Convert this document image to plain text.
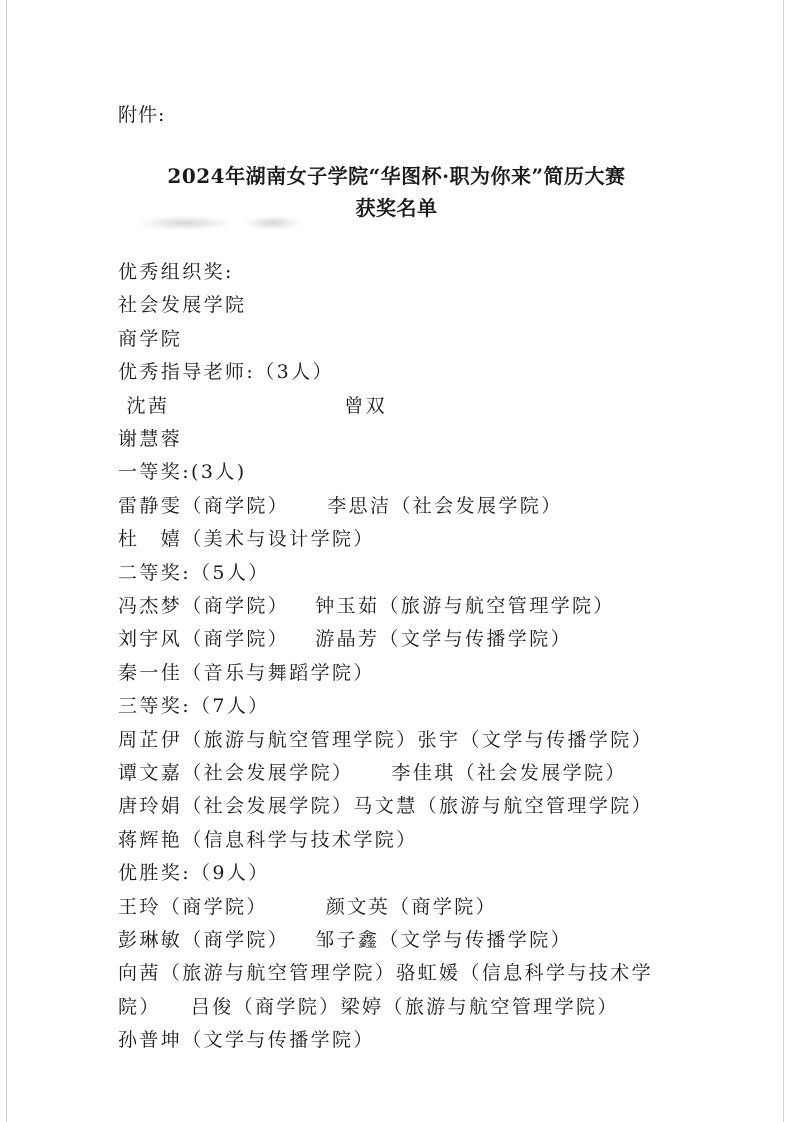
附件:
2024年湖南女子学院“华图杯·职为你来”简历大赛
获奖名单
优秀组织奖:
社会发展学院
商学院
优秀指导老师:（3人）
沈茜	曾双
谢慧蓉
一等奖:(3人)
雷静雯（商学院） 李思洁（社会发展学院）
杜　嬉（美术与设计学院）
二等奖:（5人）
冯杰梦（商学院） 钟玉茹（旅游与航空管理学院）
刘宇风（商学院） 游晶芳（文学与传播学院）
秦一佳（音乐与舞蹈学院）
三等奖:（7人）
周芷伊（旅游与航空管理学院）张宇（文学与传播学院）
谭文嘉（社会发展学院） 李佳琪（社会发展学院）
唐玲娟（社会发展学院）马文慧（旅游与航空管理学院）
蒋辉艳（信息科学与技术学院）
优胜奖:（9人）
王玲（商学院）	颜文英（商学院）
彭琳敏（商学院） 邹子鑫（文学与传播学院）
向茜（旅游与航空管理学院）骆虹媛（信息科学与技术学
院） 吕俊（商学院）梁婷（旅游与航空管理学院）
孙普坤（文学与传播学院）
